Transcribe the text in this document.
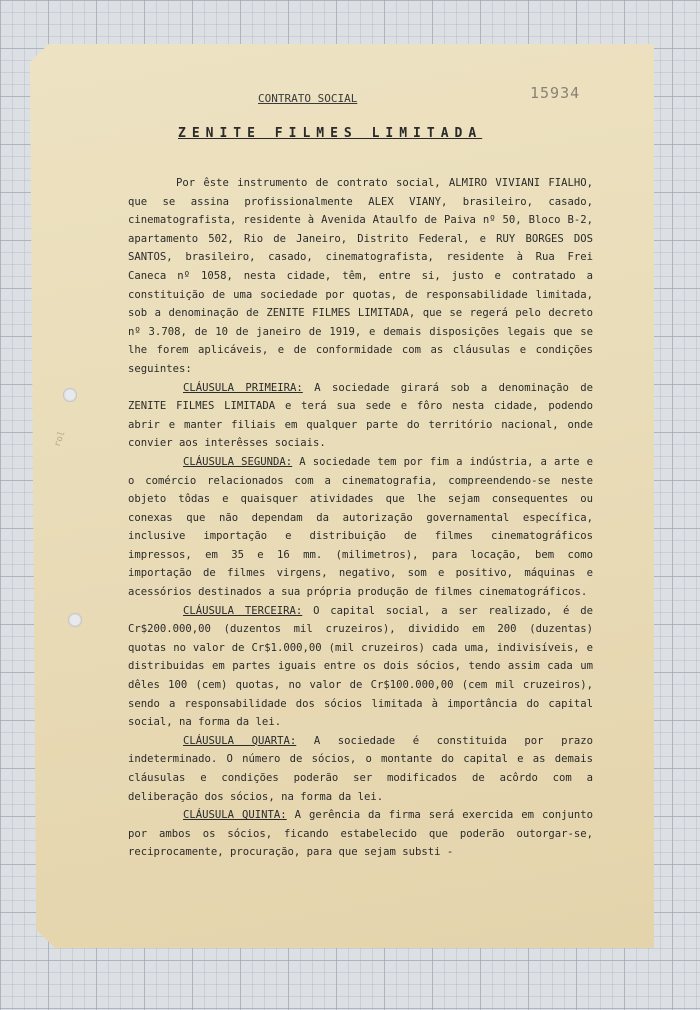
15934
CONTRATO SOCIAL
ZENITE FILMES LIMITADA
rol

Por êste instrumento de contrato social, ALMIRO VIVIANI FIALHO, que se assina profissionalmente ALEX VIANY, brasileiro, casado, cinematografista, residente à Avenida Ataulfo de Paiva nº 50, Bloco B-2, apartamento 502, Rio de Janeiro, Distrito Federal, e RUY BORGES DOS SANTOS, brasileiro, casado, cinematografista, residente à Rua Frei Caneca nº 1058, nesta cidade, têm, entre si, justo e contratado a constituição de uma sociedade por quotas, de responsabilidade limitada, sob a denominação de ZENITE FILMES LIMITADA, que se regerá pelo decreto nº 3.708, de 10 de janeiro de 1919, e demais disposições legais que se lhe forem aplicáveis, e de conformidade com as cláusulas e condições seguintes:

CLÁUSULA PRIMEIRA: A sociedade girará sob a denominação de ZENITE FILMES LIMITADA e terá sua sede e fôro nesta cidade, podendo abrir e manter filiais em qualquer parte do território nacional, onde convier aos interêsses sociais.

CLÁUSULA SEGUNDA: A sociedade tem por fim a indústria, a arte e o comércio relacionados com a cinematografia, compreendendo-se neste objeto tôdas e quaisquer atividades que lhe sejam consequentes ou conexas que não dependam da autorização governamental específica, inclusive importação e distribuição de filmes cinematográficos impressos, em 35 e 16 mm. (milimetros), para locação, bem como importação de filmes virgens, negativo, som e positivo, máquinas e acessórios destinados a sua própria produção de filmes cinematográficos.

CLÁUSULA TERCEIRA: O capital social, a ser realizado, é de Cr$200.000,00 (duzentos mil cruzeiros), dividido em 200 (duzentas) quotas no valor de Cr$1.000,00 (mil cruzeiros) cada uma, indivisíveis, e distribuidas em partes iguais entre os dois sócios, tendo assim cada um dêles 100 (cem) quotas, no valor de Cr$100.000,00 (cem mil cruzeiros), sendo a responsabilidade dos sócios limitada à importância do capital social, na forma da lei.

CLÁUSULA QUARTA: A sociedade é constituida por prazo indeterminado. O número de sócios, o montante do capital e as demais cláusulas e condições poderão ser modificados de acôrdo com a deliberação dos sócios, na forma da lei.

CLÁUSULA QUINTA: A gerência da firma será exercida em conjunto por ambos os sócios, ficando estabelecido que poderão outorgar-se, reciprocamente, procuração, para que sejam substi -
